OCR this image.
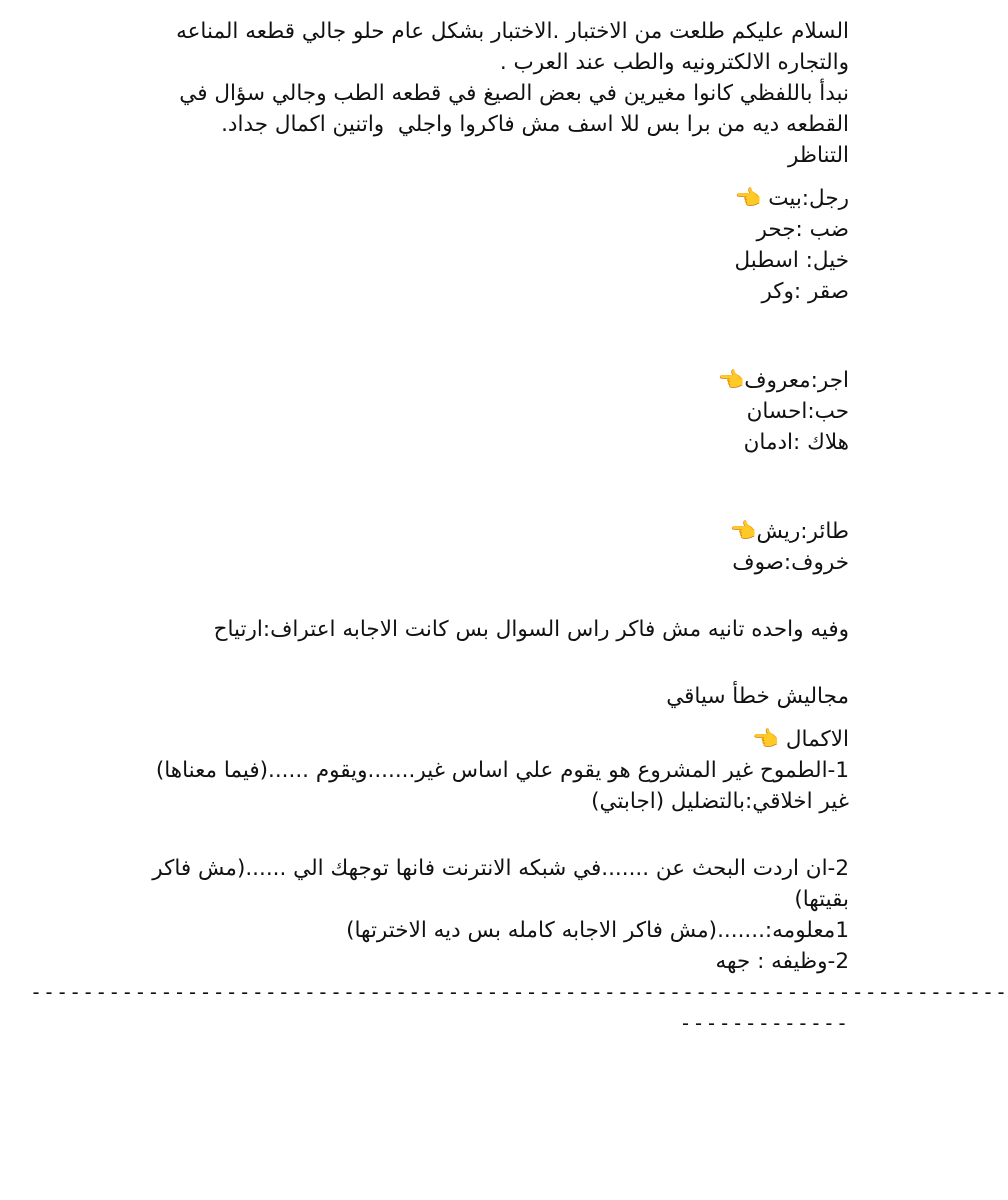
السلام عليكم طلعت من الاختبار .الاختبار بشكل عام حلو جالي قطعه المناعه

والتجاره الالكترونيه والطب عند العرب .

نبدأ باللفظي كانوا مغيرين في بعض الصيغ في قطعه الطب وجالي سؤال في

القطعه ديه من برا بس للا اسف مش فاكروا واجلي  واتنين اكمال جداد.

التناظر

رجل:بيت 👈

ضب :جحر

خيل: اسطبل

صقر :وكر

اجر:معروف👈

حب:احسان

هلاك :ادمان

طائر:ريش👈

خروف:صوف

وفيه واحده تانيه مش فاكر راس السوال بس كانت الاجابه اعتراف:ارتياح

مجاليش خطأ سياقي

الاكمال 👈

1-الطموح غير المشروع هو يقوم علي اساس غير.......ويقوم ......(فيما معناها)

غير اخلاقي:بالتضليل (اجابتي)

2-ان اردت البحث عن .......في شبكه الانترنت فانها توجهك الي ......(مش فاكر

بقيتها)

1معلومه:.......(مش فاكر الاجابه كامله بس ديه الاخترتها)

2-وظيفه : جهه

---------------------------------------------------------------------------

-------------
